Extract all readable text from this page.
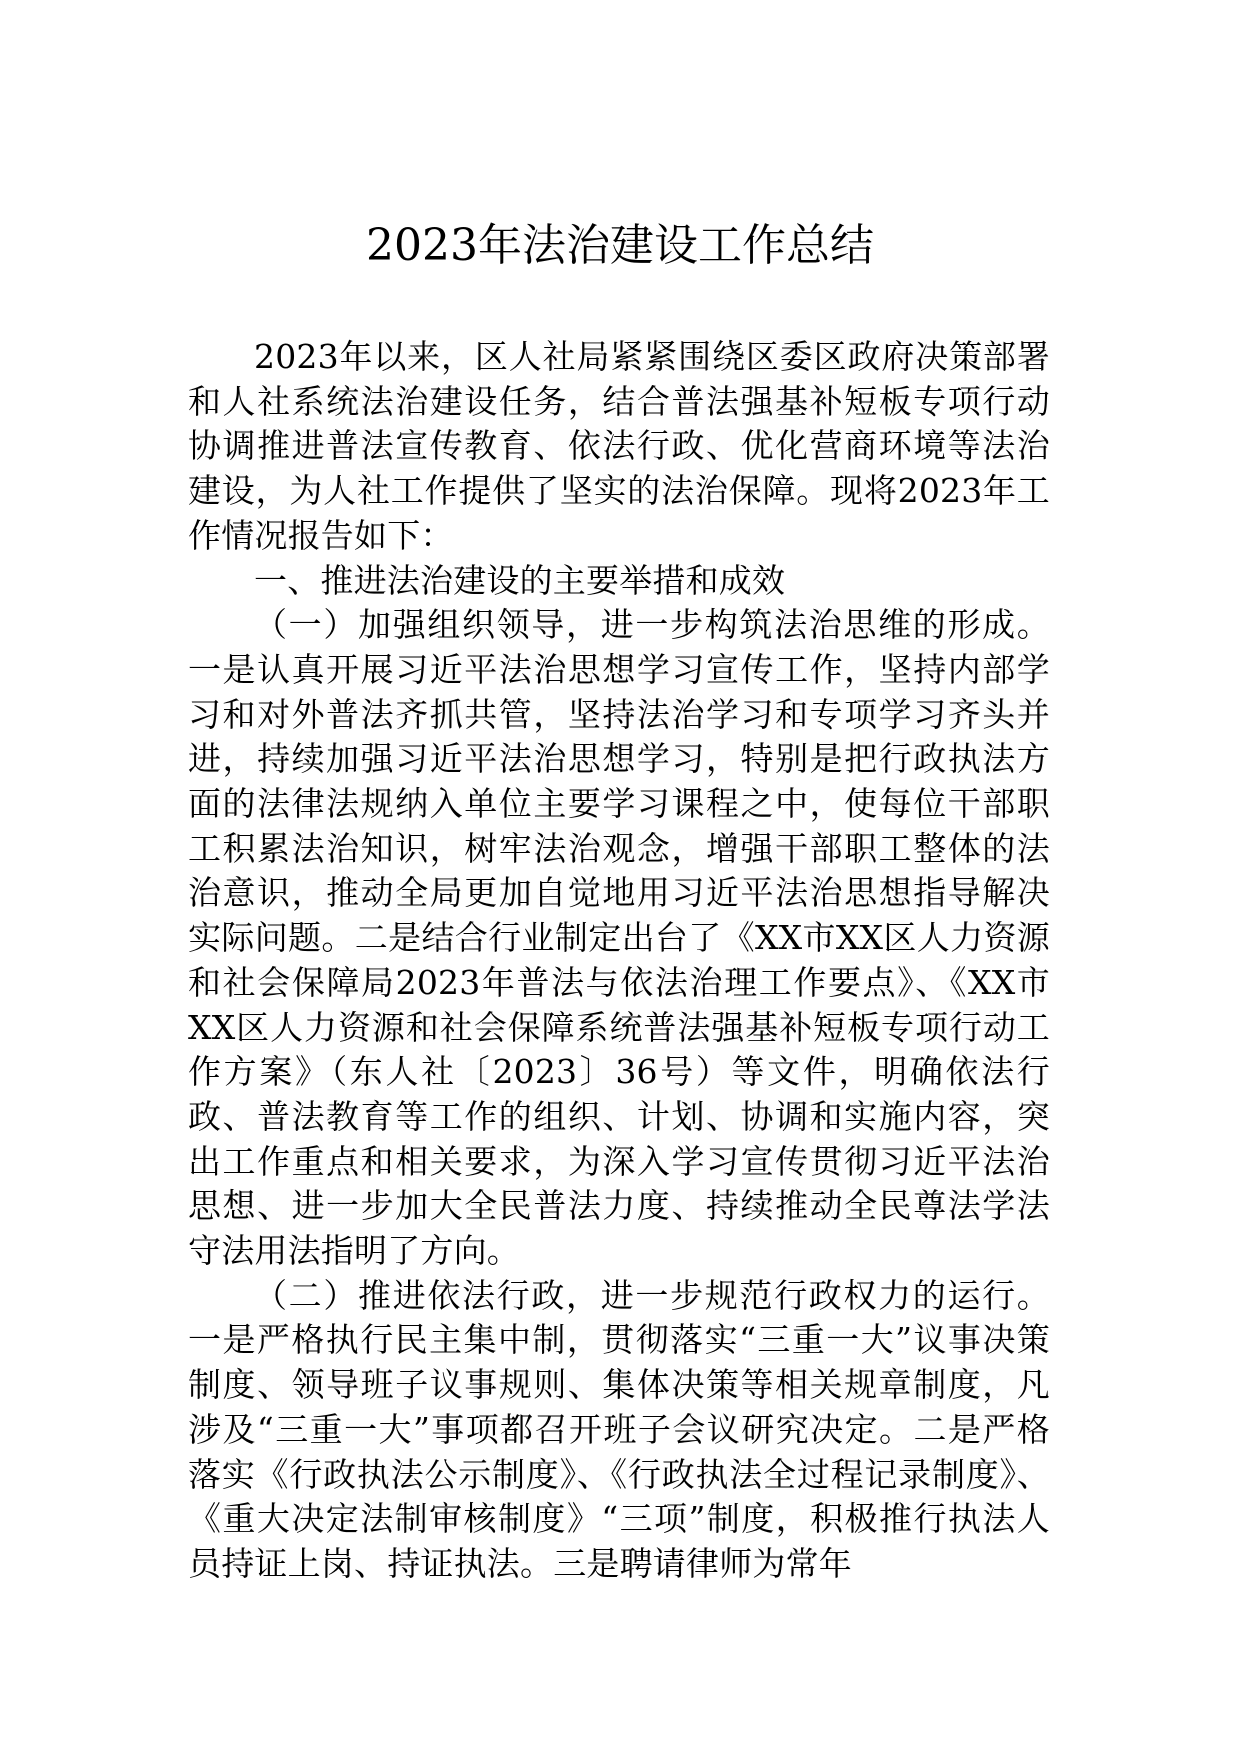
2023年法治建设工作总结

2023年以来，区人社局紧紧围绕区委区政府决策部署和人社系统法治建设任务，结合普法强基补短板专项行动协调推进普法宣传教育、依法行政、优化营商环境等法治建设，为人社工作提供了坚实的法治保障。现将2023年工作情况报告如下：

一、推进法治建设的主要举措和成效

（一）加强组织领导，进一步构筑法治思维的形成。一是认真开展习近平法治思想学习宣传工作，坚持内部学习和对外普法齐抓共管，坚持法治学习和专项学习齐头并进，持续加强习近平法治思想学习，特别是把行政执法方面的法律法规纳入单位主要学习课程之中，使每位干部职工积累法治知识，树牢法治观念，增强干部职工整体的法治意识，推动全局更加自觉地用习近平法治思想指导解决实际问题。二是结合行业制定出台了《XX市XX区人力资源和社会保障局2023年普法与依法治理工作要点》、《XX市XX区人力资源和社会保障系统普法强基补短板专项行动工作方案》（东人社〔2023〕36号）等文件，明确依法行政、普法教育等工作的组织、计划、协调和实施内容，突出工作重点和相关要求，为深入学习宣传贯彻习近平法治思想、进一步加大全民普法力度、持续推动全民尊法学法守法用法指明了方向。

（二）推进依法行政，进一步规范行政权力的运行。一是严格执行民主集中制，贯彻落实“三重一大”议事决策制度、领导班子议事规则、集体决策等相关规章制度，凡涉及“三重一大”事项都召开班子会议研究决定。二是严格落实《行政执法公示制度》、《行政执法全过程记录制度》、《重大决定法制审核制度》“三项”制度，积极推行执法人员持证上岗、持证执法。三是聘请律师为常年
